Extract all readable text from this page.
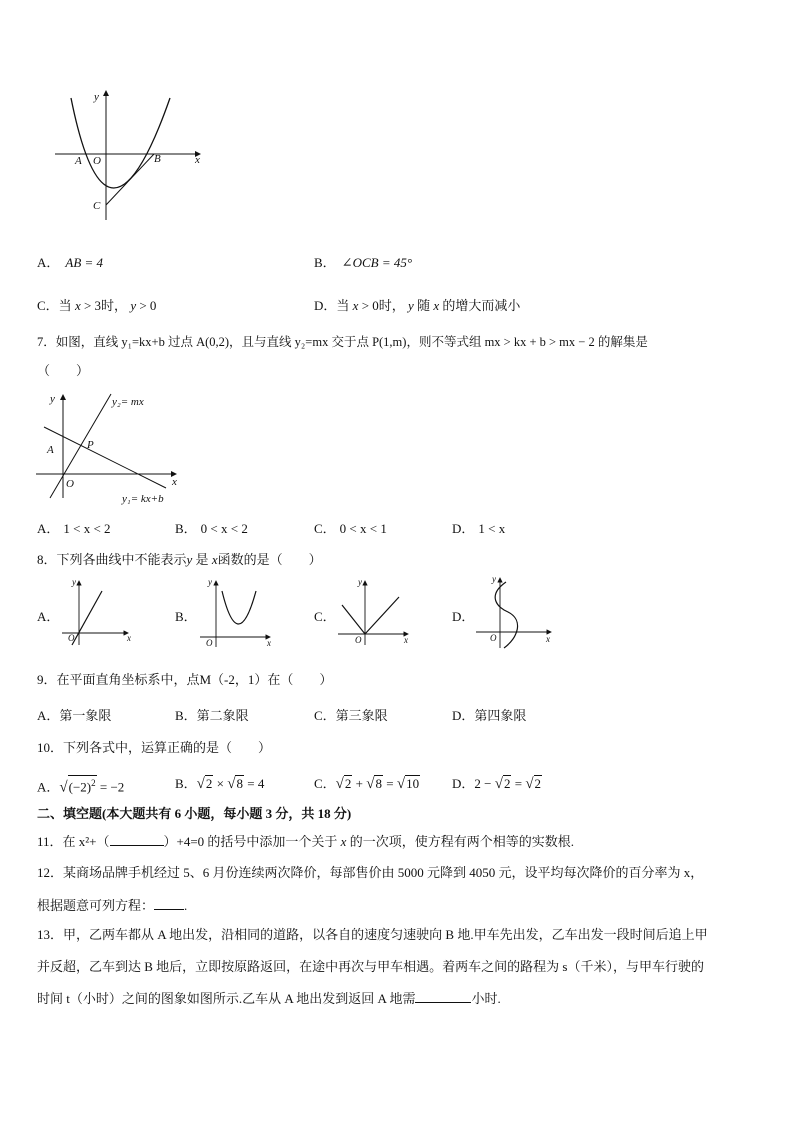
y
x
A O	B
C
A． AB = 4	B． ∠OCB = 45°
C．当 x > 3时， y > 0	D．当 x > 0时， y 随 x 的增大而减小
7．如图，直线 y₁=kx+b 过点 A(0,2)，且与直线 y₂=mx 交于点 P(1,m)，则不等式组 mx > kx + b > mx − 2 的解集是
（　　）
y
x
O
A	P
y₂= mx
y₁= kx+b
A． 1 < x < 2	B． 0 < x < 2	C． 0 < x < 1	D． 1 < x
8．下列各曲线中不能表示y 是 x函数的是（　　）
A．
y
x
O
B．
y
x
O
C．
y
x
O
D．
y
x
O
9．在平面直角坐标系中，点M（-2，1）在（　　）
A．第一象限	B．第二象限	C．第三象限	D．第四象限
10．下列各式中，运算正确的是（　　）
A．$√(-2)^2 = -2$	B．√2 × √8 = 4	C．√2 + √8 = √10	D．2 − √2 = √2
二、填空题(本大题共有 6 小题，每小题 3 分，共 18 分)
11．在 x²+（	）+4=0 的括号中添加一个关于 x 的一次项，使方程有两个相等的实数根.
12．某商场品牌手机经过 5、6 月份连续两次降价，每部售价由 5000 元降到 4050 元，设平均每次降价的百分率为 x，
根据题意可列方程： .
13．甲，乙两车都从 A 地出发，沿相同的道路，以各自的速度匀速驶向 B 地.甲车先出发，乙车出发一段时间后追上甲
并反超，乙车到达 B 地后，立即按原路返回，在途中再次与甲车相遇。着两车之间的路程为 s（千米），与甲车行驶的
时间 t（小时）之间的图象如图所示.乙车从 A 地出发到返回 A 地需	小时.
